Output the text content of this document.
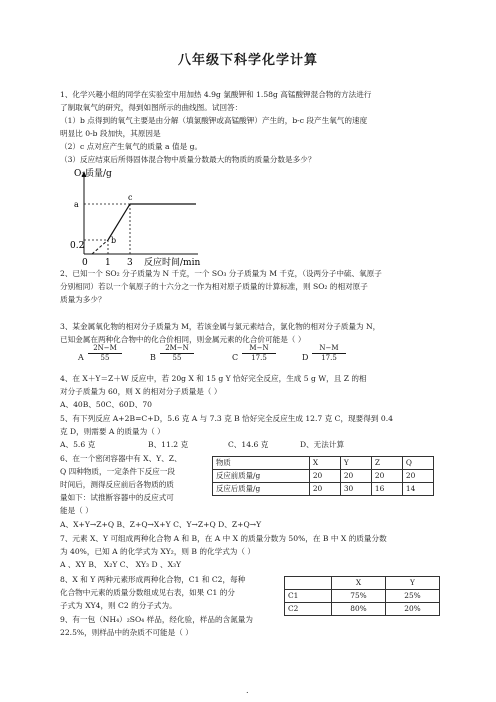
八年级下科学化学计算
1、化学兴趣小组的同学在实验室中用加热 4.9g 氯酸钾和 1.58g 高锰酸钾混合物的方法进行
了制取氧气的研究，得到如图所示的曲线图。试回答：
（1）b 点得到的氧气主要是由分解（填氯酸钾或高锰酸钾）产生的，b-c 段产生氧气的速度
明显比 0-b 段加快，其原因是
（2）c 点对应产生氧气的质量 a 值是 g。
（3）反应结束后所得固体混合物中质量分数最大的物质的质量分数是多少？
O₂质量/g
a
b
c
0.2
0 1 3 反应时间/min
2、已知一个 SO₂ 分子质量为 N 千克，一个 SO₃ 分子质量为 M 千克，（设两分子中硫、氧原子
分别相同）若以一个氧原子的十六分之一作为相对原子质量的计算标准，则 SO₂ 的相对原子
质量为多少？
3、某金属氧化物的相对分子质量为 M，若该金属与氯元素结合，氯化物的相对分子质量为 N，
已知金属在两种化合物中的化合价相同，则金属元素的化合价可能是（ ）
A $\frac{2N-M}{55}$	B $\frac{2M-N}{55}$	C $\frac{M-N}{17.5}$	D $\frac{N-M}{17.5}$
4、在 X＋Y＝Z＋W 反应中，若 20g X 和 15 g Y 恰好完全反应，生成 5 g W，且 Z 的相
对分子质量为 60，则 X 的相对分子质量是（ ）
A、40B、50C、60D、70
5、有下列反应 A+2B=C+D，5.6 克 A 与 7.3 克 B 恰好完全反应生成 12.7 克 C，现要得到 0.4
克 D，则需要 A 的质量为（ ）
A、5.6 克	B、11.2 克	C、14.6 克	D、无法计算
6、在一个密闭容器中有 X、Y、Z、
Q 四种物质，一定条件下反应一段
时间后，测得反应前后各物质的质
量如下：试推断容器中的反应式可
能是（ ）
物质	X	Y	Z	Q
反应前质量/g	20	20	20	20
反应后质量/g	20	30	16	14
A、X+Y→Z+Q B、Z+Q→X+Y C、Y→Z+Q D、Z+Q→Y
7、元素 X、Y 可组成两种化合物 A 和 B，在 A 中 X 的质量分数为 50%，在 B 中 X 的质量分数
为 40%，已知 A 的化学式为 XY₂，则 B 的化学式为（ ）
A 、XY B、 X₂Y C、 XY₃ D 、X₃Y
8、X 和 Y 两种元素形成两种化合物，C1 和 C2，每种
化合物中元素的质量分数组成见右表，如果 C1 的分
子式为 XY4，则 C2 的分子式为。
	X	Y
C1	75%	25%
C2	80%	20%
9、有一包（NH₄）₂SO₄ 样品，经化验，样品的含氮量为
22.5%，则样品中的杂质不可能是（ ）
.
